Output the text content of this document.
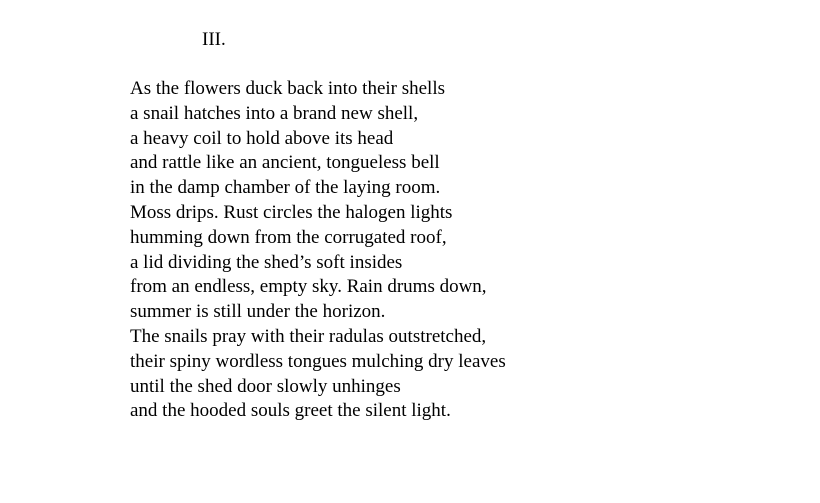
III.
As the flowers duck back into their shells
a snail hatches into a brand new shell,
a heavy coil to hold above its head
and rattle like an ancient, tongueless bell
in the damp chamber of the laying room.
Moss drips. Rust circles the halogen lights
humming down from the corrugated roof,
a lid dividing the shed’s soft insides
from an endless, empty sky. Rain drums down,
summer is still under the horizon.
The snails pray with their radulas outstretched,
their spiny wordless tongues mulching dry leaves
until the shed door slowly unhinges
and the hooded souls greet the silent light.
